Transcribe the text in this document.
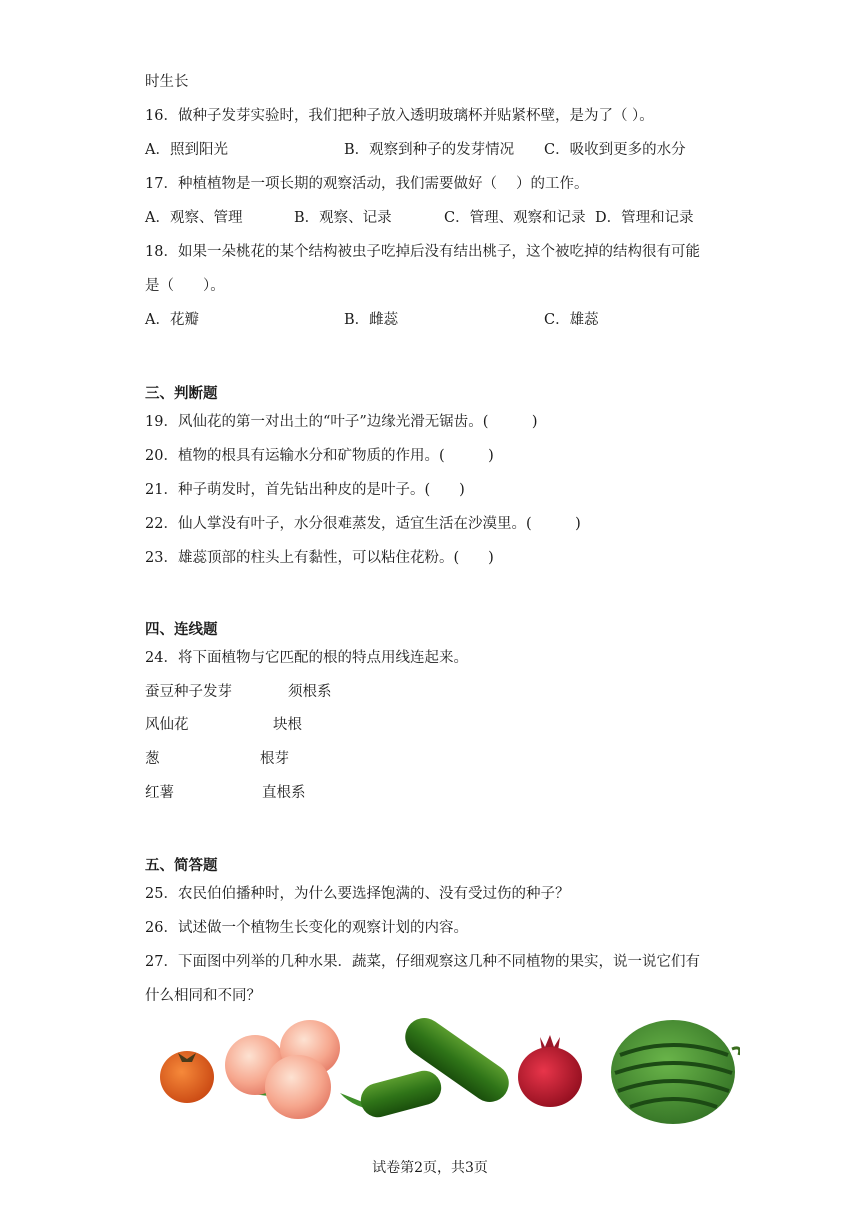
时生长
16．做种子发芽实验时，我们把种子放入透明玻璃杯并贴紧杯壁，是为了（ ）。
A．照到阳光	B．观察到种子的发芽情况 C．吸收到更多的水分
17．种植植物是一项长期的观察活动，我们需要做好（　 ）的工作。
A．观察、管理	B．观察、记录	C．管理、观察和记录 D．管理和记录
18．如果一朵桃花的某个结构被虫子吃掉后没有结出桃子，这个被吃掉的结构很有可能
是（　　）。
A．花瓣	B．雌蕊	C．雄蕊
三、判断题
19．风仙花的第一对出土的“叶子”边缘光滑无锯齿。(　　　)
20．植物的根具有运输水分和矿物质的作用。(　　　)
21．种子萌发时，首先钻出种皮的是叶子。(　　)
22．仙人掌没有叶子，水分很难蒸发，适宜生活在沙漠里。(　　　)
23．雄蕊顶部的柱头上有黏性，可以粘住花粉。(　　)
四、连线题
24．将下面植物与它匹配的根的特点用线连起来。
蚕豆种子发芽	须根系
风仙花	块根
葱	根芽
红薯	直根系
五、简答题
25．农民伯伯播种时，为什么要选择饱满的、没有受过伤的种子？
26．试述做一个植物生长变化的观察计划的内容。
27．下面图中列举的几种水果．蔬菜，仔细观察这几种不同植物的果实，说一说它们有
什么相同和不同？
试卷第2页，共3页
